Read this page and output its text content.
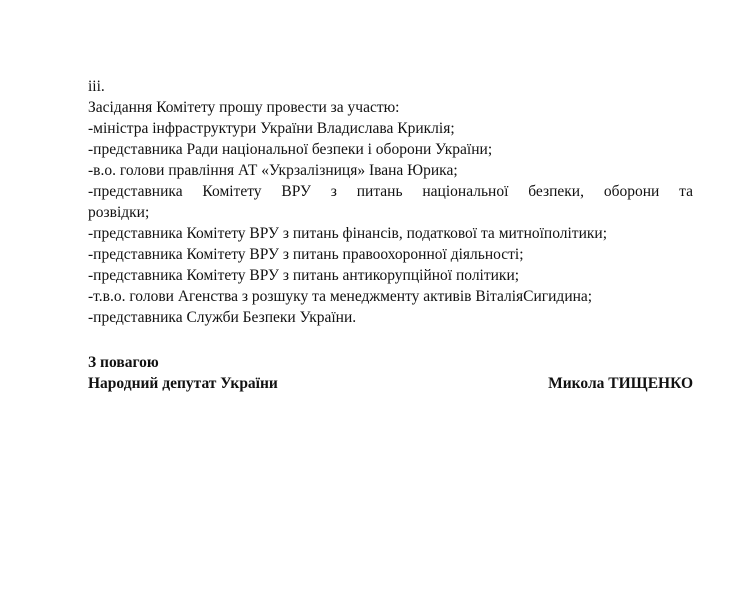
ііі.
Засідання Комітету прошу провести за участю:
-міністра інфраструктури України Владислава Криклія;
-представника Ради національної безпеки і оборони України;
-в.о. голови правління АТ «Укрзалізниця» Івана Юрика;
-представника Комітету ВРУ з питань національної безпеки, оборони та
розвідки;
-представника Комітету ВРУ з питань фінансів, податкової та митноїполітики;
-представника Комітету ВРУ з питань правоохоронної діяльності;
-представника Комітету ВРУ з питань антикорупційної політики;
-т.в.о. голови Агенства з розшуку та менеджменту активів ВіталіяСигидина;
-представника Служби Безпеки України.
З повагою
Народний депутат України	Микола ТИЩЕНКО
